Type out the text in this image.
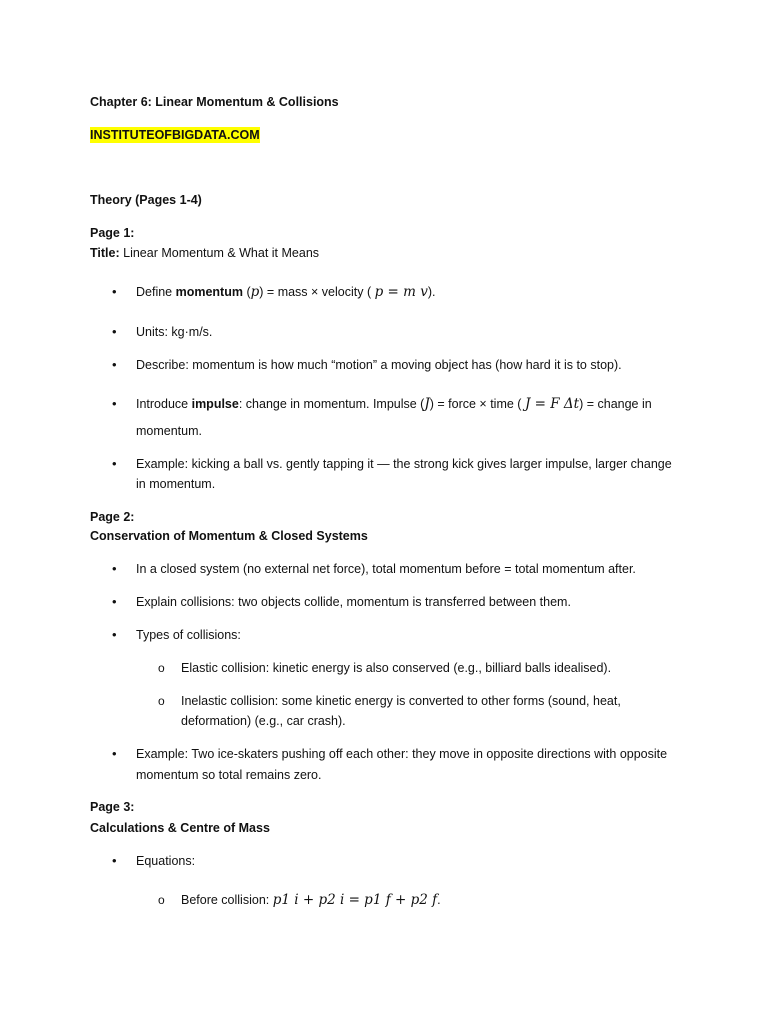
Chapter 6: Linear Momentum & Collisions
INSTITUTEOFBIGDATA.COM
Theory (Pages 1-4)
Page 1:
Title: Linear Momentum & What it Means
•	Define momentum (p) = mass × velocity ( p = m v).
•	Units: kg·m/s.
•	Describe: momentum is how much “motion” a moving object has (how hard it is to stop).
•	Introduce impulse: change in momentum. Impulse (J) = force × time ( J = F Δt) = change in
momentum.
•	Example: kicking a ball vs. gently tapping it — the strong kick gives larger impulse, larger change
in momentum.
Page 2:
Conservation of Momentum & Closed Systems
•	In a closed system (no external net force), total momentum before = total momentum after.
•	Explain collisions: two objects collide, momentum is transferred between them.
•	Types of collisions:
o Elastic collision: kinetic energy is also conserved (e.g., billiard balls idealised).
o Inelastic collision: some kinetic energy is converted to other forms (sound, heat,
deformation) (e.g., car crash).
•	Example: Two ice-skaters pushing off each other: they move in opposite directions with opposite
momentum so total remains zero.
Page 3:
Calculations & Centre of Mass
•	Equations:
o Before collision: p1 i + p2 i = p1 f + p2 f.
